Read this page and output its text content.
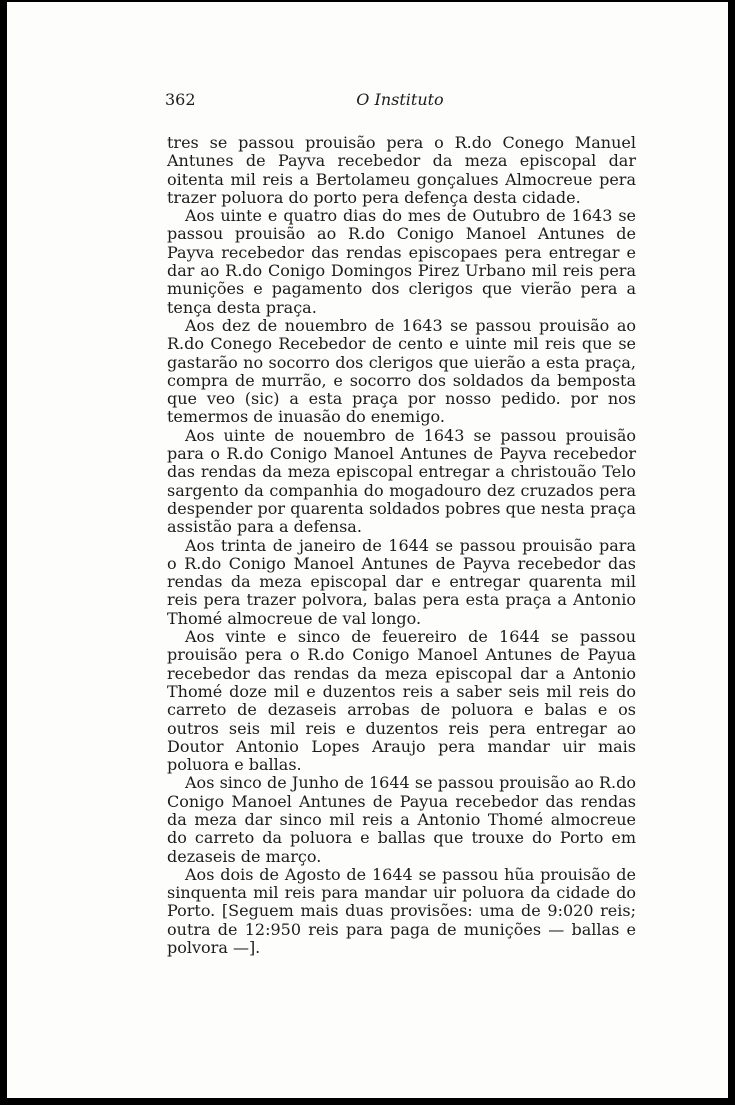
362	O Instituto

tres se passou prouisão pera o R.do Conego Manuel Antunes de Payva recebedor da meza episcopal dar oitenta mil reis a Bertolameu gonçalues Almocreue pera trazer poluora do porto pera defença desta cidade.

Aos uinte e quatro dias do mes de Outubro de 1643 se passou prouisão ao R.do Conigo Manoel Antunes de Payva recebedor das rendas episcopaes pera entregar e dar ao R.do Conigo Domingos Pirez Urbano mil reis pera munições e pagamento dos clerigos que vierão pera a tença desta praça.

Aos dez de nouembro de 1643 se passou prouisão ao R.do Conego Recebedor de cento e uinte mil reis que se gastarão no socorro dos clerigos que uierão a esta praça, compra de murrão, e socorro dos soldados da bemposta que veo (sic) a esta praça por nosso pedido. por nos temermos de inuasão do enemigo.

Aos uinte de nouembro de 1643 se passou prouisão para o R.do Conigo Manoel Antunes de Payva recebedor das rendas da meza episcopal entregar a christouão Telo sargento da companhia do mogadouro dez cruzados pera despender por quarenta soldados pobres que nesta praça assistão para a defensa.

Aos trinta de janeiro de 1644 se passou prouisão para o R.do Conigo Manoel Antunes de Payva recebedor das rendas da meza episcopal dar e entregar quarenta mil reis pera trazer polvora, balas pera esta praça a Antonio Thomé almocreue de val longo.

Aos vinte e sinco de feuereiro de 1644 se passou prouisão pera o R.do Conigo Manoel Antunes de Payua recebedor das rendas da meza episcopal dar a Antonio Thomé doze mil e duzentos reis a saber seis mil reis do carreto de dezaseis arrobas de poluora e balas e os outros seis mil reis e duzentos reis pera entregar ao Doutor Antonio Lopes Araujo pera mandar uir mais poluora e ballas.

Aos sinco de Junho de 1644 se passou prouisão ao R.do Conigo Manoel Antunes de Payua recebedor das rendas da meza dar sinco mil reis a Antonio Thomé almocreue do carreto da poluora e ballas que trouxe do Porto em dezaseis de março.

Aos dois de Agosto de 1644 se passou hũa prouisão de sinquenta mil reis para mandar uir poluora da cidade do Porto. [Seguem mais duas provisões: uma de 9:020 reis; outra de 12:950 reis para paga de munições — ballas e polvora —].
